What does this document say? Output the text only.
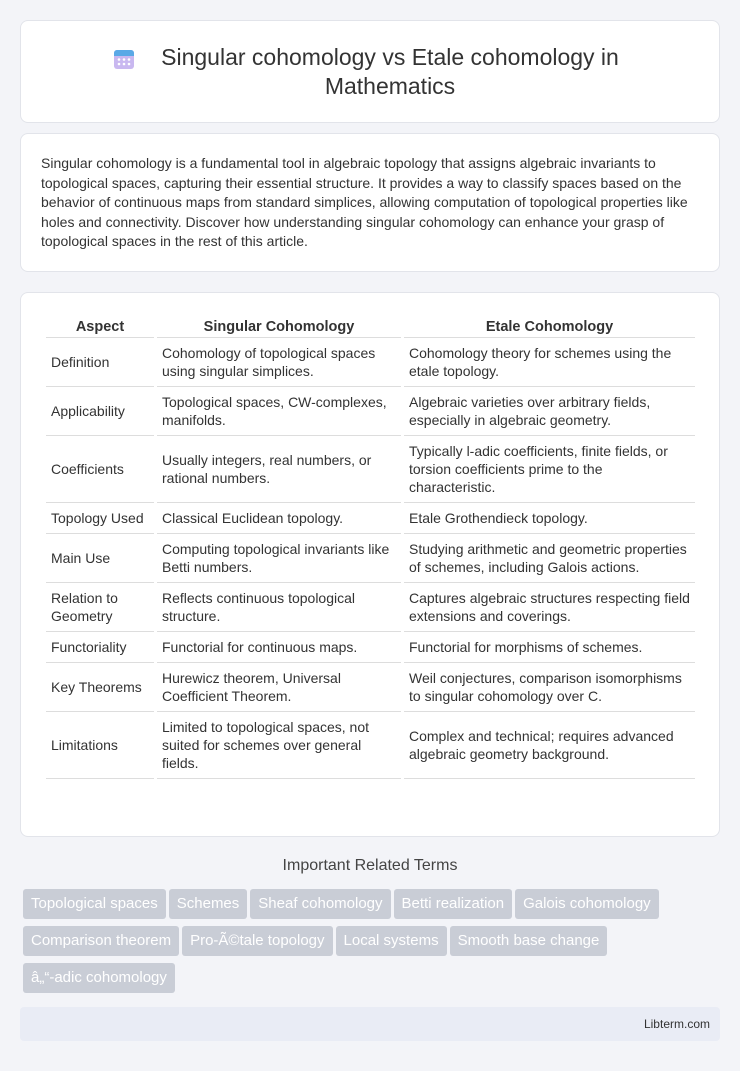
Singular cohomology vs Etale cohomology in Mathematics

Singular cohomology is a fundamental tool in algebraic topology that assigns algebraic invariants to topological spaces, capturing their essential structure. It provides a way to classify spaces based on the behavior of continuous maps from standard simplices, allowing computation of topological properties like holes and connectivity. Discover how understanding singular cohomology can enhance your grasp of topological spaces in the rest of this article.

Aspect	Singular Cohomology	Etale Cohomology
Definition	Cohomology of topological spaces using singular simplices.	Cohomology theory for schemes using the etale topology.
Applicability	Topological spaces, CW-complexes, manifolds.	Algebraic varieties over arbitrary fields, especially in algebraic geometry.
Coefficients	Usually integers, real numbers, or rational numbers.	Typically l-adic coefficients, finite fields, or torsion coefficients prime to the characteristic.
Topology Used	Classical Euclidean topology.	Etale Grothendieck topology.
Main Use	Computing topological invariants like Betti numbers.	Studying arithmetic and geometric properties of schemes, including Galois actions.
Relation to Geometry	Reflects continuous topological structure.	Captures algebraic structures respecting field extensions and coverings.
Functoriality	Functorial for continuous maps.	Functorial for morphisms of schemes.
Key Theorems	Hurewicz theorem, Universal Coefficient Theorem.	Weil conjectures, comparison isomorphisms to singular cohomology over C.
Limitations	Limited to topological spaces, not suited for schemes over general fields.	Complex and technical; requires advanced algebraic geometry background.
Important Related Terms
Topological spaces Schemes Sheaf cohomology Betti realization Galois cohomologyComparison theorem Pro-Ã©tale topology Local systems Smooth base changeâ„“-adic cohomology
Libterm.com
